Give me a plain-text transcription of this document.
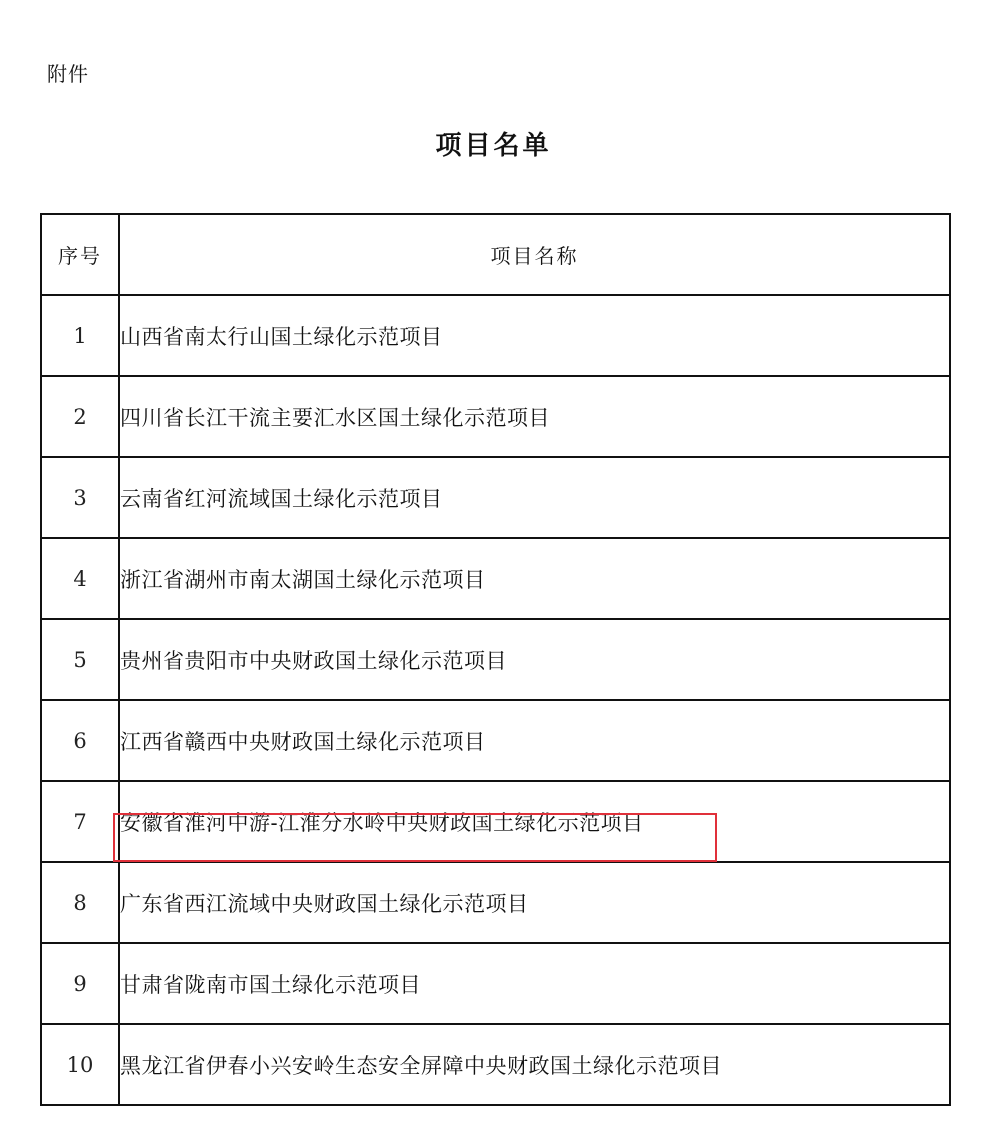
附件
项目名单
序号	项目名称
1	山西省南太行山国土绿化示范项目
2	四川省长江干流主要汇水区国土绿化示范项目
3	云南省红河流域国土绿化示范项目
4	浙江省湖州市南太湖国土绿化示范项目
5	贵州省贵阳市中央财政国土绿化示范项目
6	江西省赣西中央财政国土绿化示范项目
7	安徽省淮河中游-江淮分水岭中央财政国土绿化示范项目
8	广东省西江流域中央财政国土绿化示范项目
9	甘肃省陇南市国土绿化示范项目
10	黑龙江省伊春小兴安岭生态安全屏障中央财政国土绿化示范项目
